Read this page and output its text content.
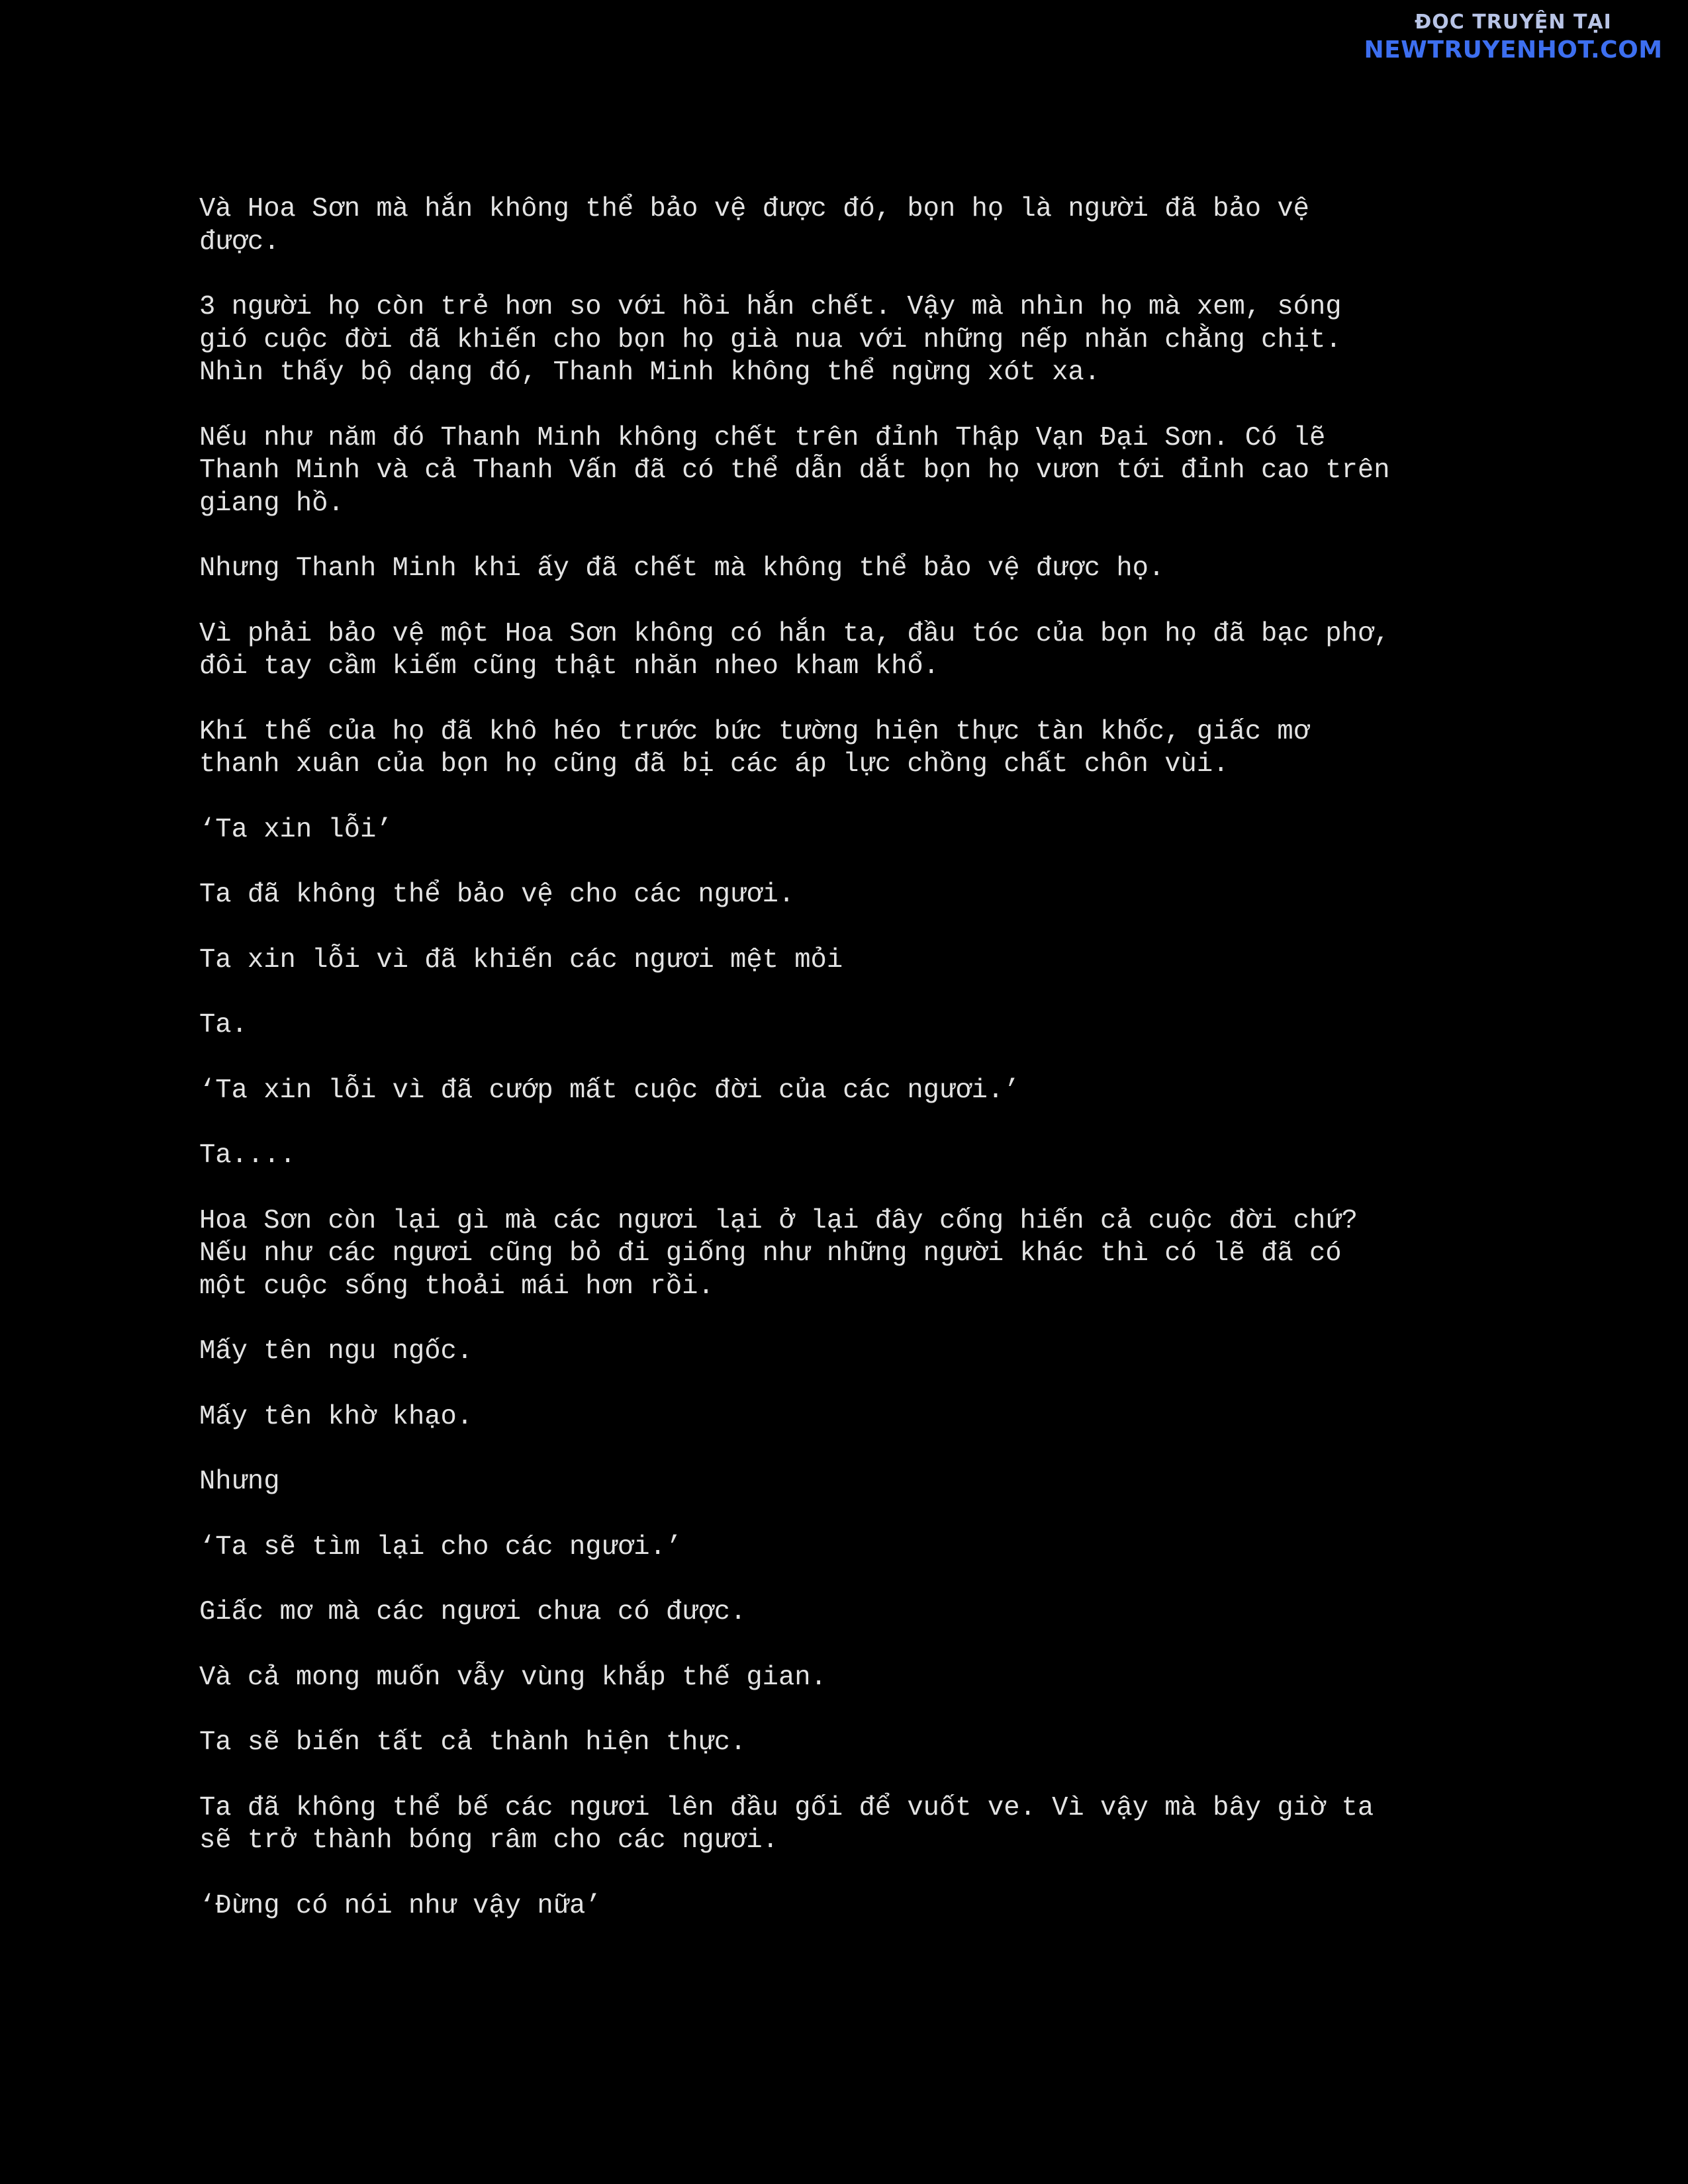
ĐỌC TRUYỆN TẠI
NEWTRUYENHOT.COM

Và Hoa Sơn mà hắn không thể bảo vệ được đó, bọn họ là người đã bảo vệ
được.

3 người họ còn trẻ hơn so với hồi hắn chết. Vậy mà nhìn họ mà xem, sóng
gió cuộc đời đã khiến cho bọn họ già nua với những nếp nhăn chằng chịt.
Nhìn thấy bộ dạng đó, Thanh Minh không thể ngừng xót xa.

Nếu như năm đó Thanh Minh không chết trên đỉnh Thập Vạn Đại Sơn. Có lẽ
Thanh Minh và cả Thanh Vấn đã có thể dẫn dắt bọn họ vươn tới đỉnh cao trên
giang hồ.

Nhưng Thanh Minh khi ấy đã chết mà không thể bảo vệ được họ.

Vì phải bảo vệ một Hoa Sơn không có hắn ta, đầu tóc của bọn họ đã bạc phơ,
đôi tay cầm kiếm cũng thật nhăn nheo kham khổ.

Khí thế của họ đã khô héo trước bức tường hiện thực tàn khốc, giấc mơ
thanh xuân của bọn họ cũng đã bị các áp lực chồng chất chôn vùi.

‘Ta xin lỗi’

Ta đã không thể bảo vệ cho các ngươi.

Ta xin lỗi vì đã khiến các ngươi mệt mỏi

Ta.

‘Ta xin lỗi vì đã cướp mất cuộc đời của các ngươi.’

Ta....

Hoa Sơn còn lại gì mà các ngươi lại ở lại đây cống hiến cả cuộc đời chứ?
Nếu như các ngươi cũng bỏ đi giống như những người khác thì có lẽ đã có
một cuộc sống thoải mái hơn rồi.

Mấy tên ngu ngốc.

Mấy tên khờ khạo.

Nhưng

‘Ta sẽ tìm lại cho các ngươi.’

Giấc mơ mà các ngươi chưa có được.

Và cả mong muốn vẫy vùng khắp thế gian.

Ta sẽ biến tất cả thành hiện thực.

Ta đã không thể bế các ngươi lên đầu gối để vuốt ve. Vì vậy mà bây giờ ta
sẽ trở thành bóng râm cho các ngươi.

‘Đừng có nói như vậy nữa’
